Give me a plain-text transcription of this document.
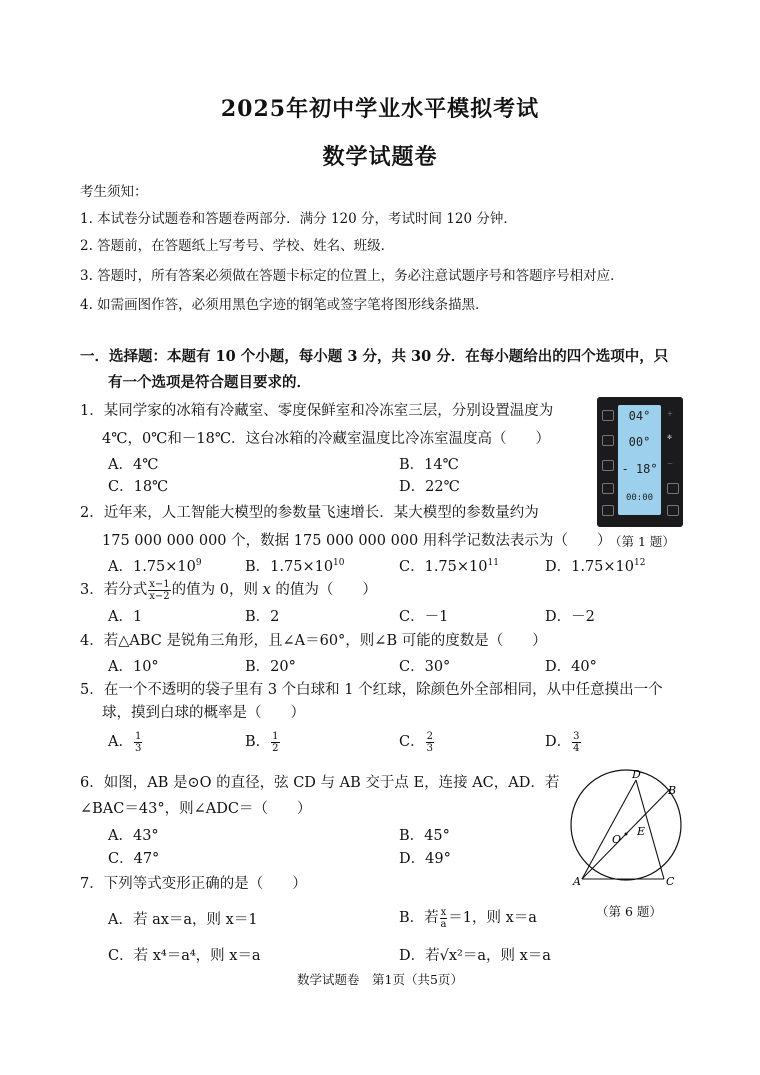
2025年初中学业水平模拟考试
数学试题卷
考生须知：
1. 本试卷分试题卷和答题卷两部分．满分 120 分，考试时间 120 分钟．
2. 答题前，在答题纸上写考号、学校、姓名、班级．
3. 答题时，所有答案必须做在答题卡标定的位置上，务必注意试题序号和答题序号相对应．
4. 如需画图作答，必须用黑色字迹的钢笔或签字笔将图形线条描黑．
一．选择题：本题有 10 个小题，每小题 3 分，共 30 分．在每小题给出的四个选项中，只
有一个选项是符合题目要求的．
1．某同学家的冰箱有冷藏室、零度保鲜室和冷冻室三层，分别设置温度为
4℃，0℃和－18℃．这台冰箱的冷藏室温度比冷冻室温度高（　　）
A．4℃	B．14℃
C．18℃	D．22℃
04°
00°
- 18°
00:00
＋
✻
－
（第 1 题）
2．近年来，人工智能大模型的参数量飞速增长．某大模型的参数量约为
175 000 000 000 个，数据 175 000 000 000 用科学记数法表示为（　　）
A．$1.75\times 10^9$	B．$1.75\times 10^{10}$	C．$1.75\times 10^{11}$	D．$1.75\times 10^{12}$
3．若分式 $\frac{x-1}{x-2}$ 的值为 0，则 x 的值为（　　）
A．1	B．2	C．－1	D．－2
4．若△ABC 是锐角三角形，且∠A＝60°，则∠B 可能的度数是（　　）
A．10°	B．20°	C．30°	D．40°
5．在一个不透明的袋子里有 3 个白球和 1 个红球，除颜色外全部相同，从中任意摸出一个
球，摸到白球的概率是（　　）
A． $\frac{1}{3}$	B． $\frac{1}{2}$	C． $\frac{2}{3}$	D． $\frac{3}{4}$
6．如图，AB 是⊙O 的直径，弦 CD 与 AB 交于点 E，连接 AC，AD．若
∠BAC＝43°，则∠ADC＝（　　）
A．43°	B．45°
C．47°	D．49°
D
B
E
O
A	C
（第 6 题）
7．下列等式变形正确的是（　　）
A．若 ax＝a，则 x＝1	B．若 $\frac{x}{a} =1$，则 x＝a
C．若 x⁴＝a⁴，则 x＝a	D．若√x²＝a，则 x＝a
数学试题卷　第1页（共5页）
